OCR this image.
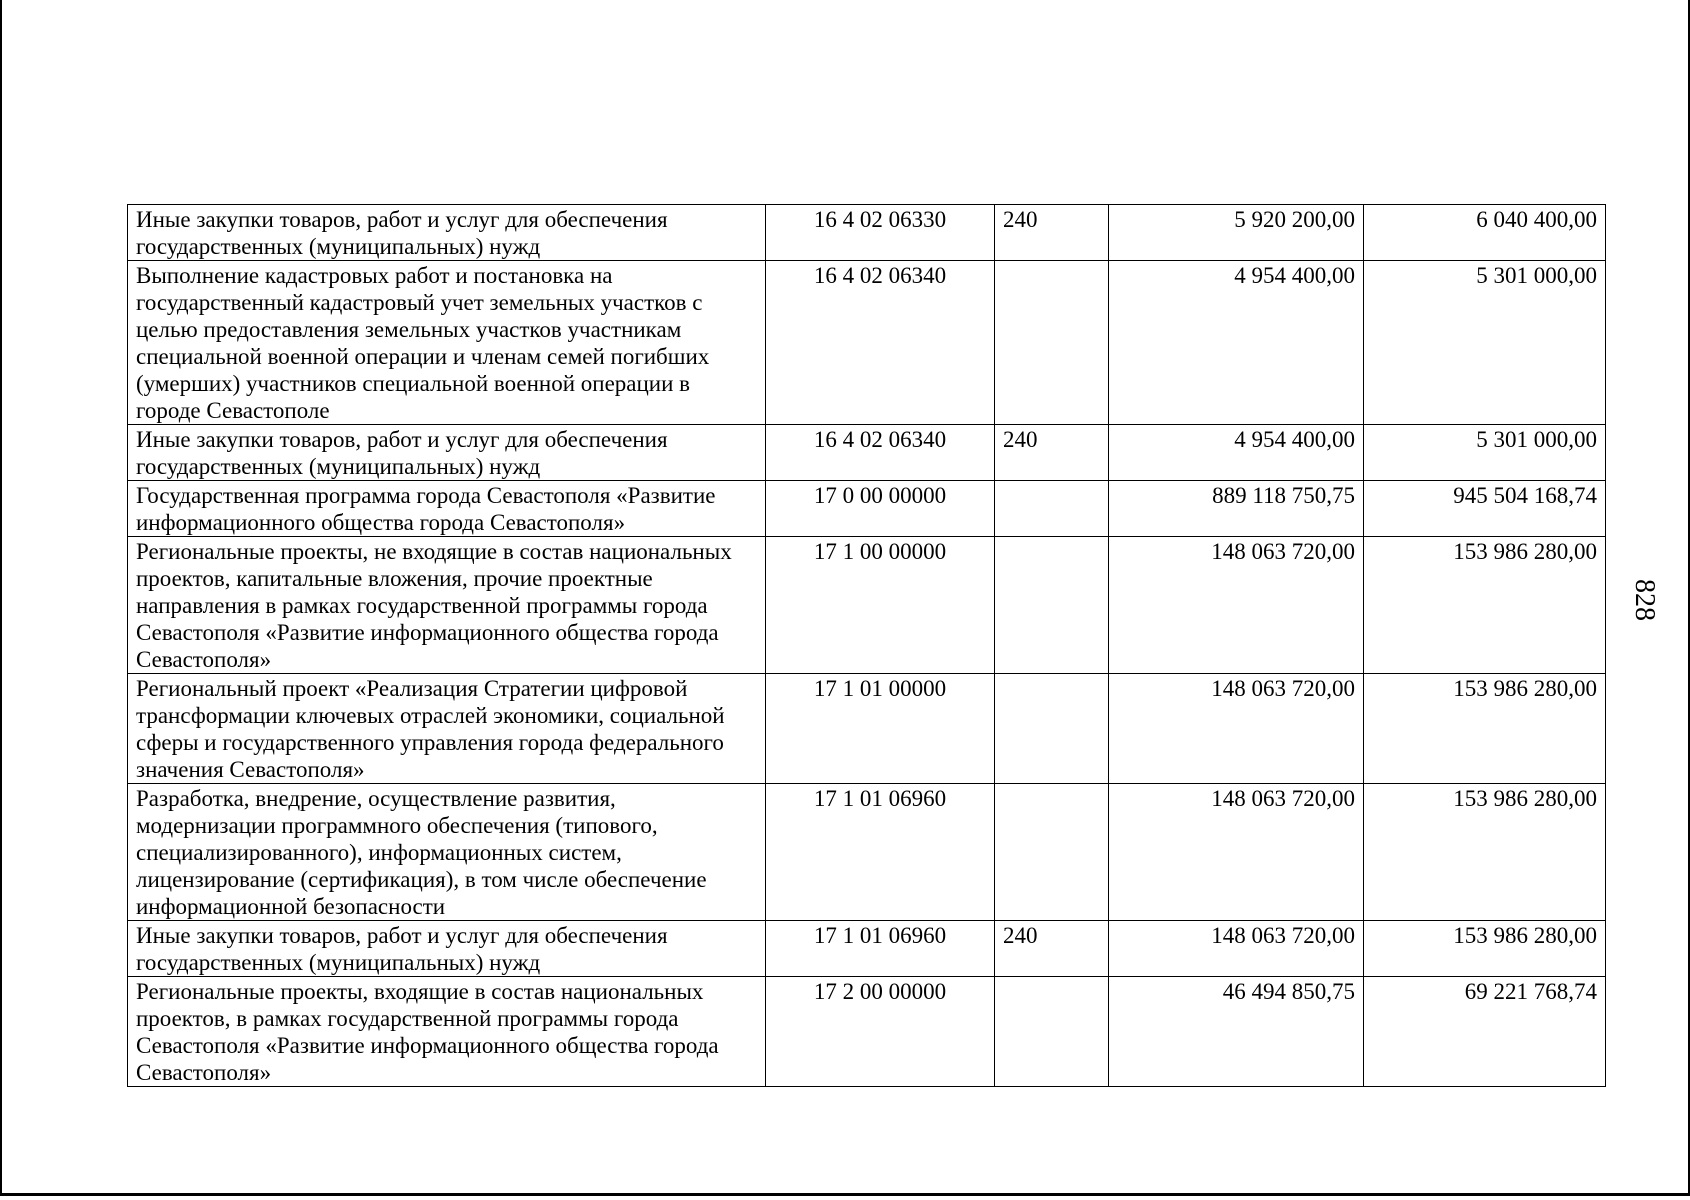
Иные закупки товаров, работ и услуг для обеспечения государственных (муниципальных) нужд	16 4 02 06330	240	5 920 200,00	6 040 400,00
Выполнение кадастровых работ и постановка на государственный кадастровый учет земельных участков с целью предоставления земельных участков участникам специальной военной операции и членам семей погибших (умерших) участников специальной военной операции в городе Севастополе	16 4 02 06340		4 954 400,00	5 301 000,00
Иные закупки товаров, работ и услуг для обеспечения государственных (муниципальных) нужд	16 4 02 06340	240	4 954 400,00	5 301 000,00
Государственная программа города Севастополя «Развитие информационного общества города Севастополя»	17 0 00 00000		889 118 750,75	945 504 168,74
Региональные проекты, не входящие в состав национальных проектов, капитальные вложения, прочие проектные направления в рамках государственной программы города Севастополя «Развитие информационного общества города Севастополя»	17 1 00 00000		148 063 720,00	153 986 280,00
Региональный проект «Реализация Стратегии цифровой трансформации ключевых отраслей экономики, социальной сферы и государственного управления города федерального значения Севастополя»	17 1 01 00000		148 063 720,00	153 986 280,00
Разработка, внедрение, осуществление развития, модернизации программного обеспечения (типового, специализированного), информационных систем, лицензирование (сертификация), в том числе обеспечение информационной безопасности	17 1 01 06960		148 063 720,00	153 986 280,00
Иные закупки товаров, работ и услуг для обеспечения государственных (муниципальных) нужд	17 1 01 06960	240	148 063 720,00	153 986 280,00
Региональные проекты, входящие в состав национальных проектов, в рамках государственной программы города Севастополя «Развитие информационного общества города Севастополя»	17 2 00 00000		46 494 850,75	69 221 768,74
828
